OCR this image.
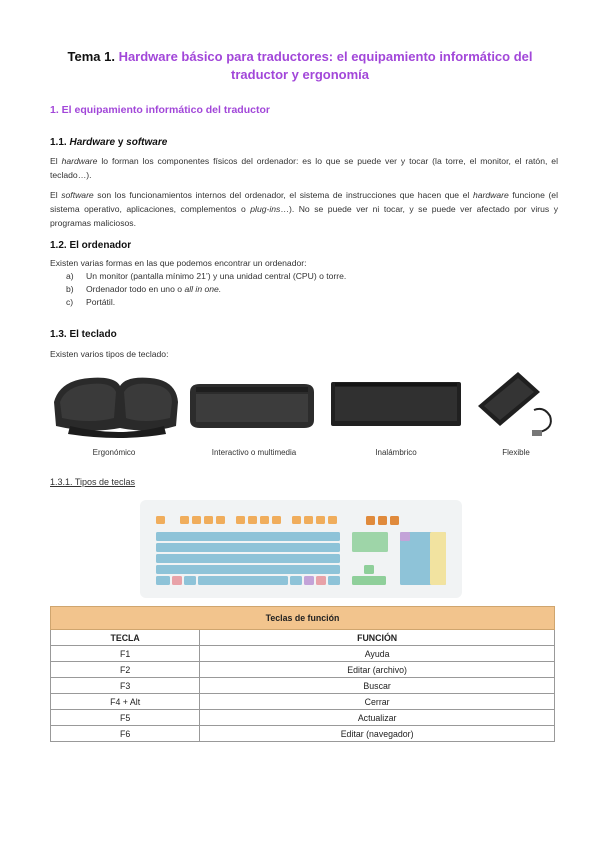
Tema 1. Hardware básico para traductores: el equipamiento informático del traductor y ergonomía
1. El equipamiento informático del traductor
1.1. Hardware y software
El hardware lo forman los componentes físicos del ordenador: es lo que se puede ver y tocar (la torre, el monitor, el ratón, el teclado…).
El software son los funcionamientos internos del ordenador, el sistema de instrucciones que hacen que el hardware funcione (el sistema operativo, aplicaciones, complementos o plug-ins…). No se puede ver ni tocar, y se puede ver afectado por virus y programas maliciosos.
1.2. El ordenador
Existen varias formas en las que podemos encontrar un ordenador:
a)	Un monitor (pantalla mínimo 21’) y una unidad central (CPU) o torre.
b)	Ordenador todo en uno o
all in one.
c)	Portátil.
1.3. El teclado
Existen varios tipos de teclado:
Ergonómico	Interactivo o multimedia	Inalámbrico	Flexible
1.3.1. Tipos de teclas
Teclas de función	
TECLA	FUNCIÓN
F1	Ayuda
F2	Editar (archivo)
F3	Buscar
F4 + Alt	Cerrar
F5	Actualizar
F6	Editar (navegador)
